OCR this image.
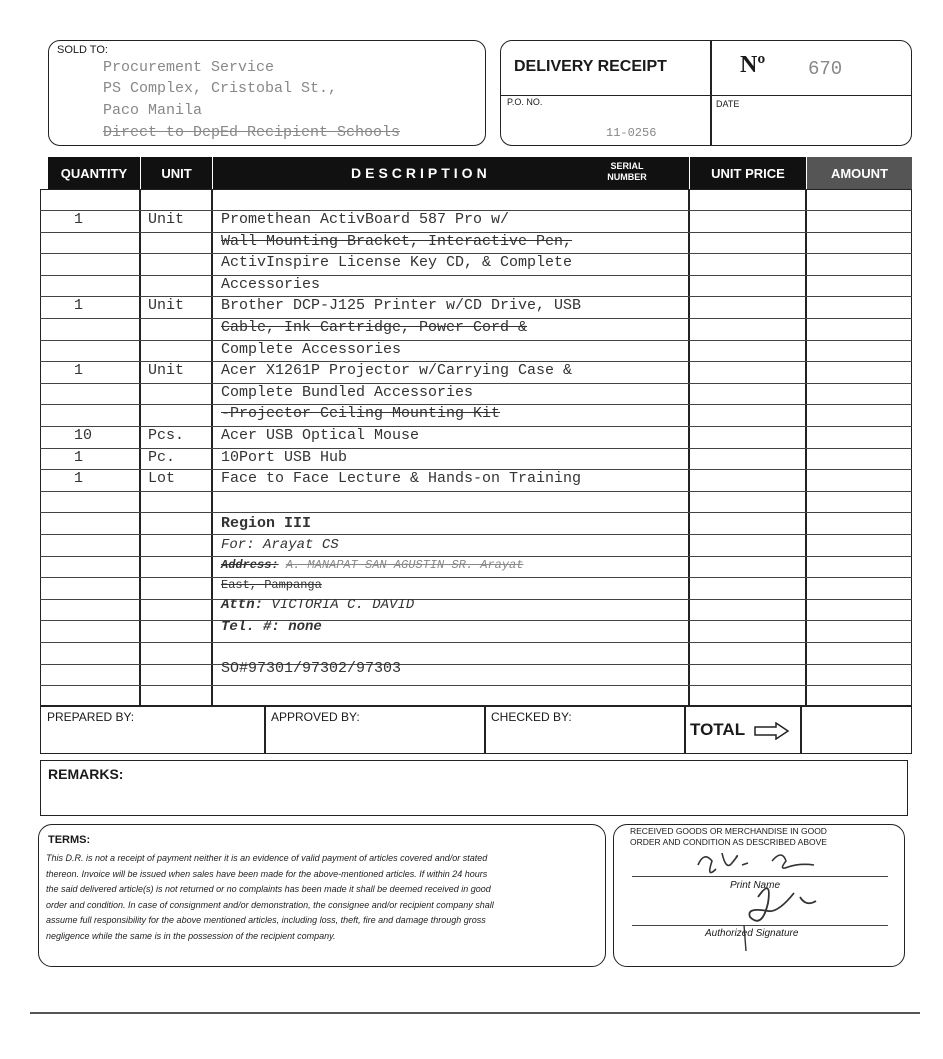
SOLD TO:
Procurement Service
PS Complex, Cristobal St.,
Paco Manila
Direct to DepEd Recipient Schools
DELIVERY RECEIPT	Nº 670
P.O. NO.
11-0256
DATE
QUANTITY	UNIT	DESCRIPTION	SERIAL NUMBER	UNIT PRICE	AMOUNT
1	Unit Promethean ActivBoard 587 Pro w/
Wall Mounting Bracket, Interactive Pen,
ActivInspire License Key CD, & Complete
Accessories
1	Unit Brother DCP-J125 Printer w/CD Drive, USB
Cable, Ink Cartridge, Power Cord &
Complete Accessories
1	Unit Acer X1261P Projector w/Carrying Case &
Complete Bundled Accessories
-Projector Ceiling Mounting Kit
10	Pcs. Acer USB Optical Mouse
1	Pc.	10Port USB Hub
1	Lot	Face to Face Lecture & Hands-on Training
Region III
For: Arayat CS
Address: A. MANAPAT SAN AGUSTIN SR. Arayat
East, Pampanga
Attn: VICTORIA C. DAVID
Tel. #: none
SO#97301/97302/97303
PREPARED BY:	APPROVED BY:	CHECKED BY:
TOTAL
REMARKS:
TERMS:
This D.R. is not a receipt of payment neither it is an evidence of valid payment of articles covered and/or stated
thereon. Invoice will be issued when sales have been made for the above-mentioned articles. If within 24 hours
the said delivered article(s) is not returned or no complaints has been made it shall be deemed received in good
order and condition. In case of consignment and/or demonstration, the consignee and/or recipient company shall
assume full responsibility for the above mentioned articles, including loss, theft, fire and damage through gross
negligence while the same is in the possession of the recipient company.
RECEIVED GOODS OR MERCHANDISE IN GOOD
ORDER AND CONDITION AS DESCRIBED ABOVE
Print Name
Authorized Signature
